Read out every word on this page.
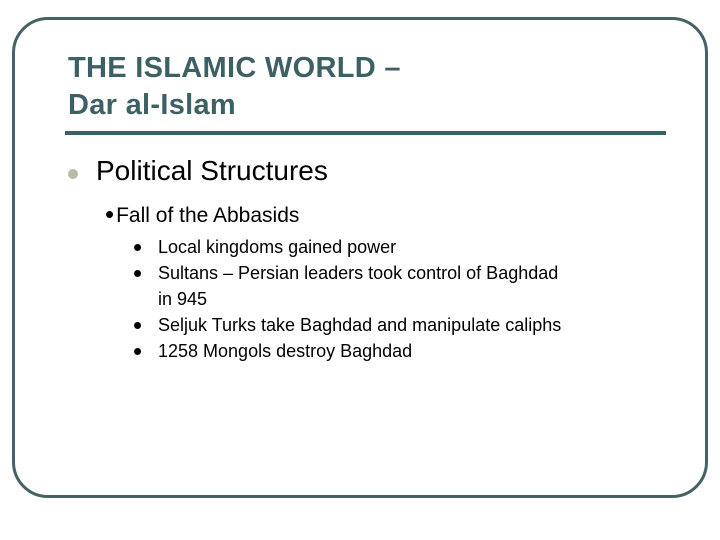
THE ISLAMIC WORLD –
Dar al-Islam
Political Structures
•Fall of the Abbasids
• Local kingdoms gained power
• Sultans – Persian leaders took control of Baghdad
in 945
• Seljuk Turks take Baghdad and manipulate caliphs
• 1258 Mongols destroy Baghdad
